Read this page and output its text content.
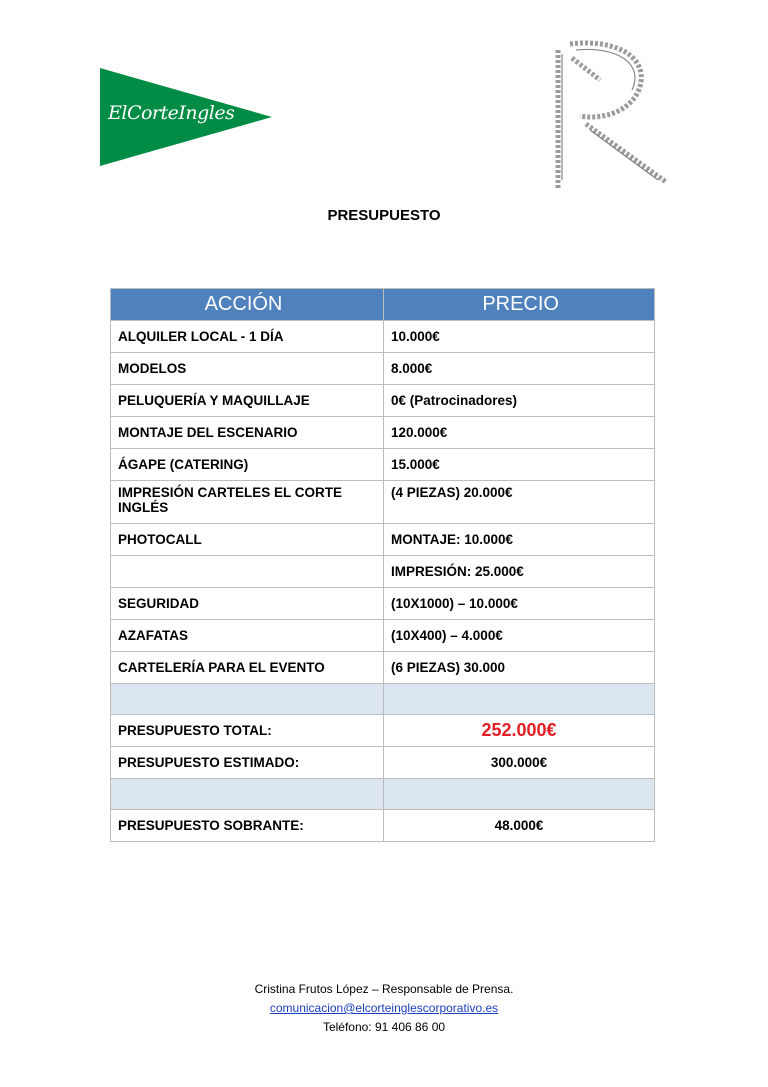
ElCorteIngles
PRESUPUESTO
ACCIÓN	PRECIO
ALQUILER LOCAL - 1 DÍA	10.000€
MODELOS	8.000€
PELUQUERÍA Y MAQUILLAJE	0€ (Patrocinadores)
MONTAJE DEL ESCENARIO	120.000€
ÁGAPE (CATERING)	15.000€
IMPRESIÓN CARTELES EL CORTE INGLÉS	(4 PIEZAS) 20.000€
PHOTOCALL	MONTAJE: 10.000€
	IMPRESIÓN: 25.000€
SEGURIDAD	(10X1000) – 10.000€
AZAFATAS	(10X400) – 4.000€
CARTELERÍA PARA EL EVENTO	(6 PIEZAS) 30.000

PRESUPUESTO TOTAL:	252.000€
PRESUPUESTO ESTIMADO:	300.000€

PRESUPUESTO SOBRANTE:	48.000€
Cristina Frutos López – Responsable de Prensa.
comunicacion@elcorteinglescorporativo.es
Teléfono: 91 406 86 00
